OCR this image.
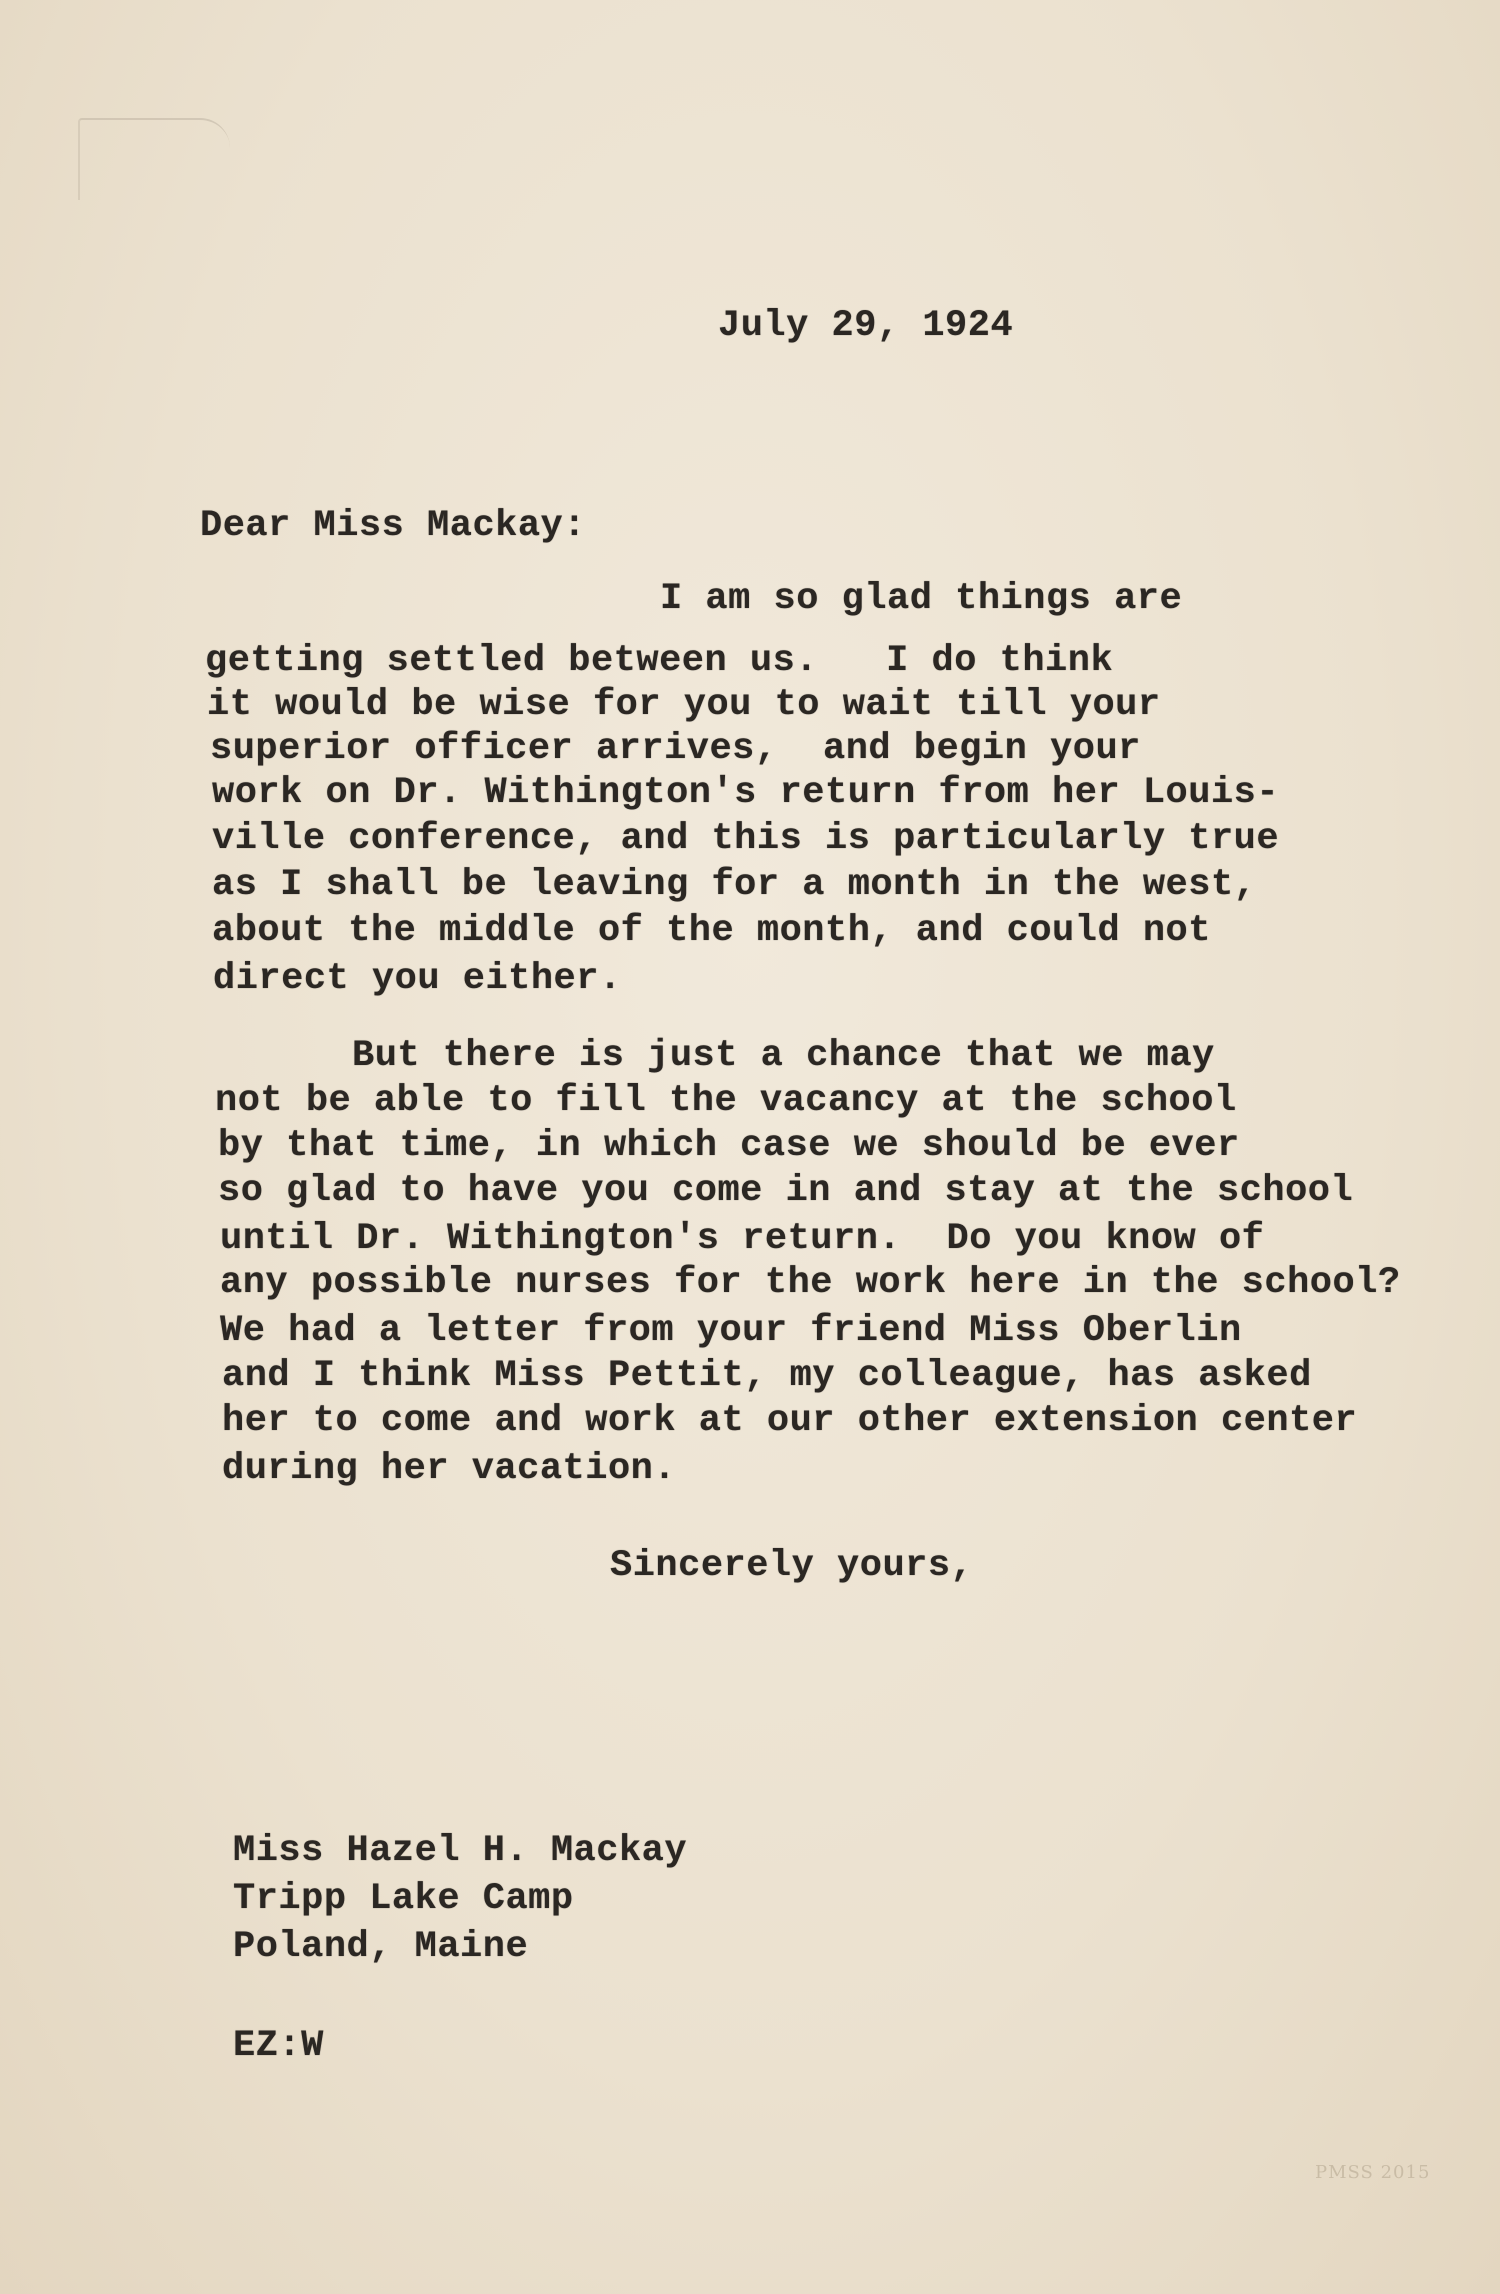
July 29, 1924
Dear Miss Mackay:
I am so glad things are
getting settled between us.   I do think
it would be wise for you to wait till your
superior officer arrives,  and begin your
work on Dr. Withington's return from her Louis-
ville conference, and this is particularly true
as I shall be leaving for a month in the west,
about the middle of the month, and could not
direct you either.
But there is just a chance that we may
not be able to fill the vacancy at the school
by that time, in which case we should be ever
so glad to have you come in and stay at the school
until Dr. Withington's return.  Do you know of
any possible nurses for the work here in the school?
We had a letter from your friend Miss Oberlin
and I think Miss Pettit, my colleague, has asked
her to come and work at our other extension center
during her vacation.
Sincerely yours,
Miss Hazel H. Mackay
Tripp Lake Camp
Poland, Maine
EZ:W
PMSS 2015
